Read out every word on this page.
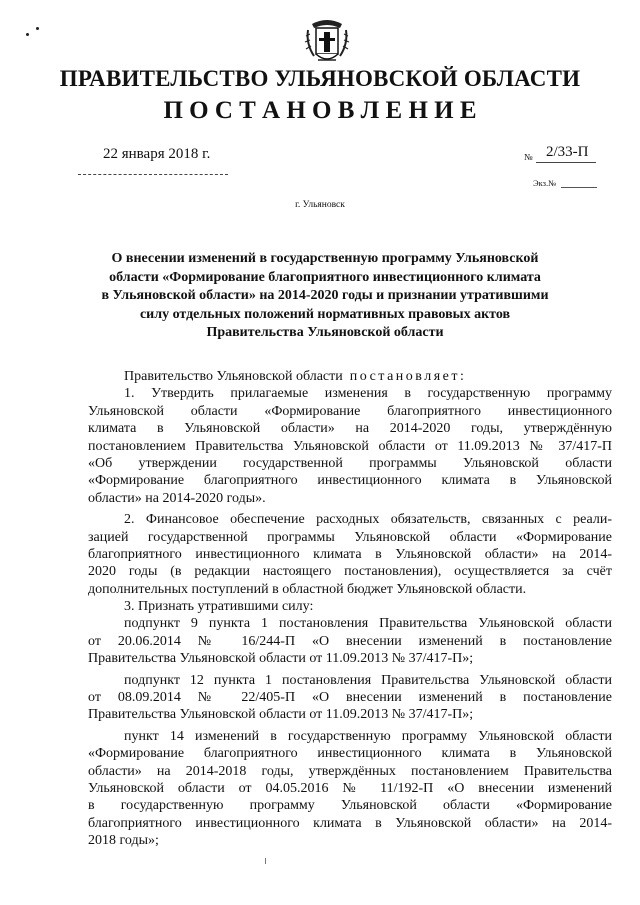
ПРАВИТЕЛЬСТВО УЛЬЯНОВСКОЙ ОБЛАСТИ
П О С Т А Н О В Л Е Н И Е
22 января 2018 г.	№ 2/33-П
Экз.№
г. Ульяновск
О внесении изменений в государственную программу Ульяновской
области «Формирование благоприятного инвестиционного климата
в Ульяновской области» на 2014-2020 годы и признании утратившими
силу отдельных положений нормативных правовых актов
Правительства Ульяновской области
Правительство Ульяновской области постановляет:
1. Утвердить прилагаемые изменения в государственную программу
Ульяновской области «Формирование благоприятного инвестиционного
климата в Ульяновской области» на 2014-2020 годы, утверждённую
постановлением Правительства Ульяновской области от 11.09.2013 № 37/417-П
«Об утверждении государственной программы Ульяновской области
«Формирование благоприятного инвестиционного климата в Ульяновской
области» на 2014-2020 годы».
2. Финансовое обеспечение расходных обязательств, связанных с реали-
зацией государственной программы Ульяновской области «Формирование
благоприятного инвестиционного климата в Ульяновской области» на 2014-
2020 годы (в редакции настоящего постановления), осуществляется за счёт
дополнительных поступлений в областной бюджет Ульяновской области.
3. Признать утратившими силу:
подпункт 9 пункта 1 постановления Правительства Ульяновской области
от 20.06.2014 № 16/244-П «О внесении изменений в постановление
Правительства Ульяновской области от 11.09.2013 № 37/417-П»;
подпункт 12 пункта 1 постановления Правительства Ульяновской области
от 08.09.2014 № 22/405-П «О внесении изменений в постановление
Правительства Ульяновской области от 11.09.2013 № 37/417-П»;
пункт 14 изменений в государственную программу Ульяновской области
«Формирование благоприятного инвестиционного климата в Ульяновской
области» на 2014-2018 годы, утверждённых постановлением Правительства
Ульяновской области от 04.05.2016 № 11/192-П «О внесении изменений
в государственную программу Ульяновской области «Формирование
благоприятного инвестиционного климата в Ульяновской области» на 2014-
2018 годы»;
